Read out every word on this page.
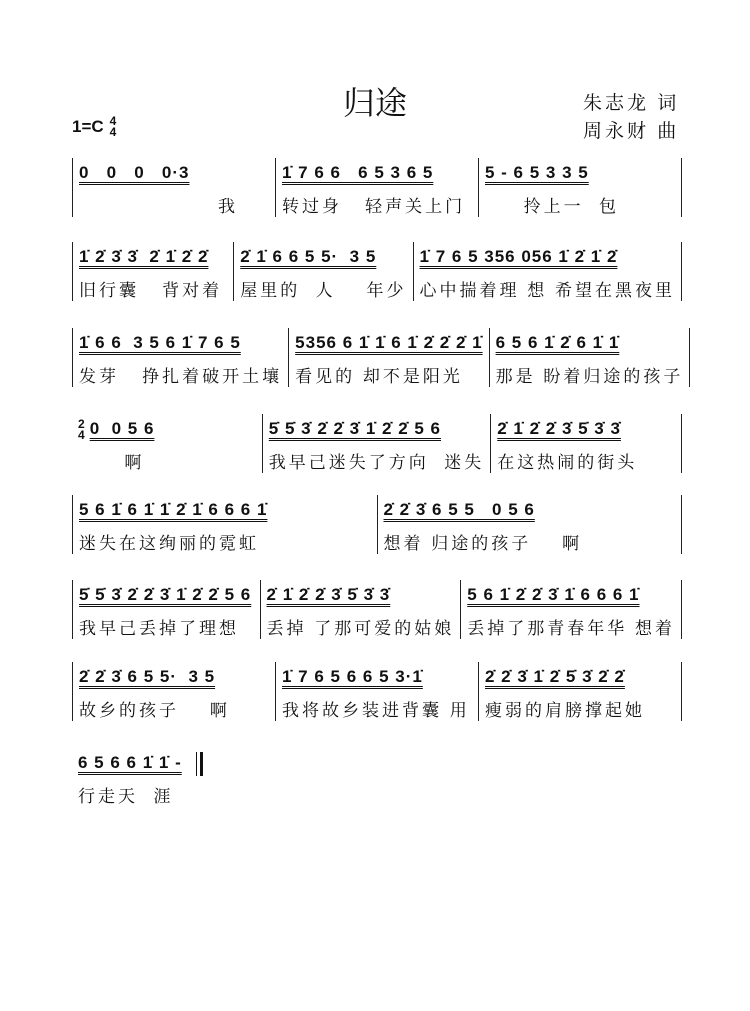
归途	朱志龙 词
周永财 曲
1=C 4
4
0   0   0   0·3
我
1̇ 7 6 6   6 5 3 6 5
转过身   轻声关上门
5 - 6 5 3 3 5
拎上一  包
1̇ 2̇ 3̇ 3̇  2̇ 1̇ 2̇ 2̇
旧行囊   背对着
2̇ 1̇ 6 6 5 5·  3 5
屋里的  人    年少
1̇ 7 6 5 356 056 1̇ 2̇ 1̇ 2̇
心中揣着理 想 希望在黑夜里
1̇ 6 6  3 5 6 1̇ 7 6 5
发芽   挣扎着破开土壤
5356 6 1̇ 1̇ 6 1̇ 2̇ 2̇ 2̇ 1̇
看见的 却不是阳光
6 5 6 1̇ 2̇ 6 1̇ 1̇
那是 盼着归途的孩子
2
4 0  0 5 6
啊
5̇ 5̇ 3̇ 2̇ 2̇ 3̇ 1̇ 2̇ 2̇ 5 6
我早己迷失了方向  迷失
2̇ 1̇ 2̇ 2̇ 3̇ 5̇ 3̇ 3̇
在这热闹的街头
5 6 1̇ 6 1̇ 1̇ 2̇ 1̇ 6 6 6 1̇
迷失在这绚丽的霓虹
2̇ 2̇ 3̇ 6 5 5   0 5 6
想着 归途的孩子    啊
5̇ 5̇ 3̇ 2̇ 2̇ 3̇ 1̇ 2̇ 2̇ 5 6
我早己丢掉了理想
2̇ 1̇ 2̇ 2̇ 3̇ 5̇ 3̇ 3̇
丢掉 了那可爱的姑娘
5 6 1̇ 2̇ 2̇ 3̇ 1̇ 6 6 6 1̇
丢掉了那青春年华 想着
2̇ 2̇ 3̇ 6 5 5·  3 5
故乡的孩子    啊
1̇ 7 6 5 6 6 5 3·1̇
我将故乡装进背囊 用
2̇ 2̇ 3̇ 1̇ 2̇ 5̇ 3̇ 2̇ 2̇
瘦弱的肩膀撑起她
6 5 6 6 1̇ 1̇ -
行走天  涯
